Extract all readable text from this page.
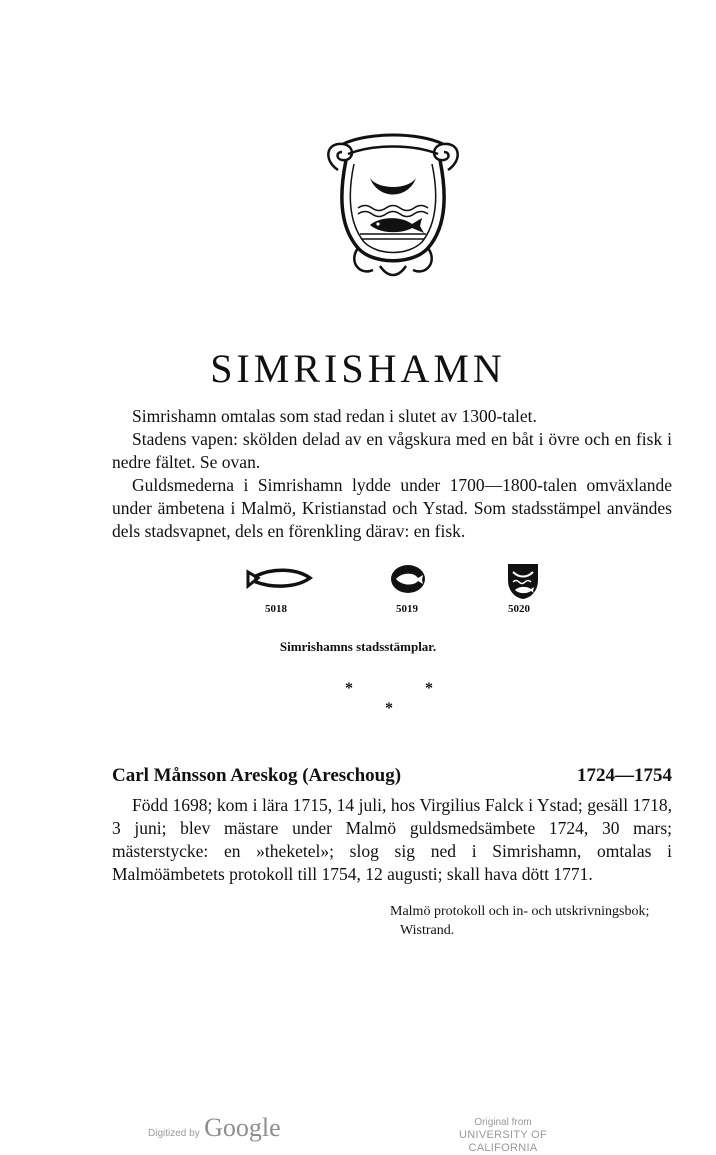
SIMRISHAMN

Simrishamn omtalas som stad redan i slutet av 1300-talet.

Stadens vapen: skölden delad av en vågskura med en båt i övre och en fisk i nedre fältet. Se ovan.

Guldsmederna i Simrishamn lydde under 1700—1800-talen omväxlande under ämbetena i Malmö, Kristianstad och Ystad. Som stadsstämpel användes dels stadsvapnet, dels en förenkling därav: en fisk.

5018	5019	5020
Simrishamns stadsstämplar.
*	*
*
Carl Månsson Areskog (Areschoug)	1724—1754

Född 1698; kom i lära 1715, 14 juli, hos Virgilius Falck i Ystad; gesäll 1718, 3 juni; blev mästare under Malmö guldsmedsämbete 1724, 30 mars; mästerstycke: en »theketel»; slog sig ned i Simrishamn, omtalas i Malmöämbetets protokoll till 1754, 12 augusti; skall hava dött 1771.

Malmö protokoll och in- och utskrivningsbok; Wistrand.
Digitized by Google	Original from
UNIVERSITY OF CALIFORNIA
